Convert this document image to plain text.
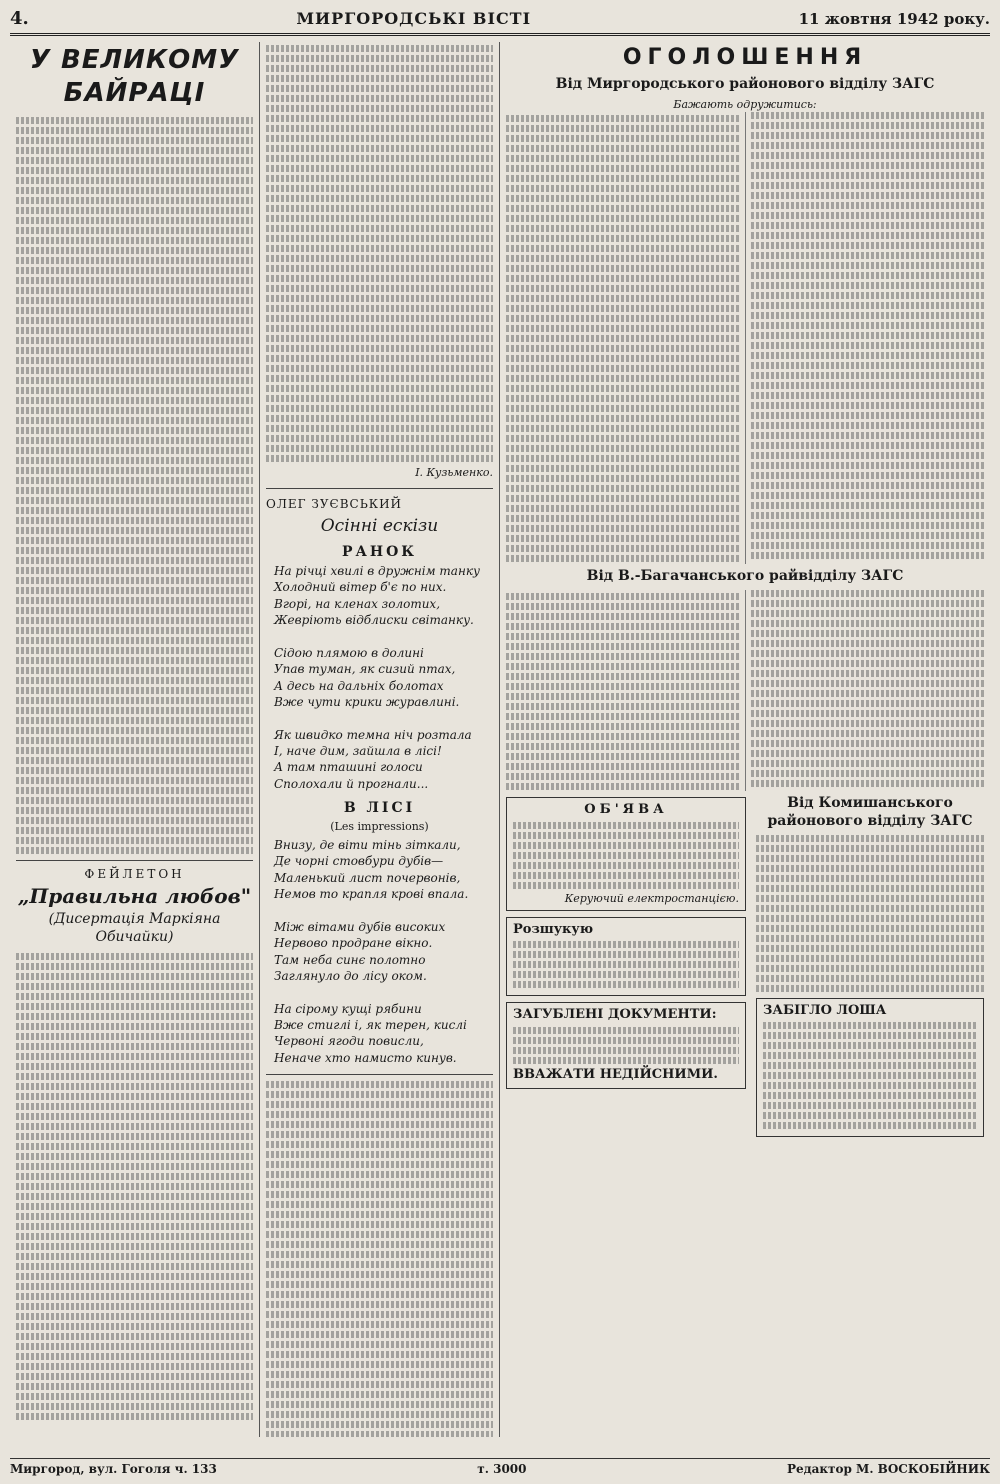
4.	МИРГОРОДСЬКІ ВІСТІ	11 жовтня 1942 року.
У ВЕЛИКОМУ БАЙРАЦІ
ФЕЙЛЕТОН
„Правильна любов"
(Дисертація Маркіяна Обичайки)
І. Кузьменко.
ОЛЕГ ЗУЄВСЬКИЙ
Осінні ескізи
РАНОК
На річці хвилі в дружнім танку
Холодний вітер б'є по них.
Вгорі, на кленах золотих,
Жевріють відблиски світанку.

Сідою плямою в долині
Упав туман, як сизий птах,
А десь на дальніх болотах
Вже чути крики журавлині.

Як швидко темна ніч розтала
І, наче дим, зайшла в лісі!
А там пташині голоси
Сполохали й прогнали...
В ЛІСІ
(Les impressions)
Внизу, де віти тінь зіткали,
Де чорні стовбури дубів—
Маленький лист почервонів,
Немов то крапля крові впала.

Між вітами дубів високих
Нервово продране вікно.
Там неба синє полотно
Заглянуло до лісу оком.

На сірому кущі рябини
Вже стиглі і, як терен, кислі
Червоні ягоди повисли,
Неначе хто намисто кинув.
ОГОЛОШЕННЯ
Від Миргородського районового відділу ЗАГС
Бажають одружитись:
Від В.-Багачанського райвідділу ЗАГС
ОБ'ЯВА
Керуючий електростанцією.
Розшукую
ЗАГУБЛЕНІ ДОКУМЕНТИ:
ВВАЖАТИ НЕДІЙСНИМИ.
Від Комишанського районового відділу ЗАГС
ЗАБІГЛО ЛОША
Миргород, вул. Гоголя ч. 133	т. 3000	Редактор М. ВОСКОБІЙНИК
